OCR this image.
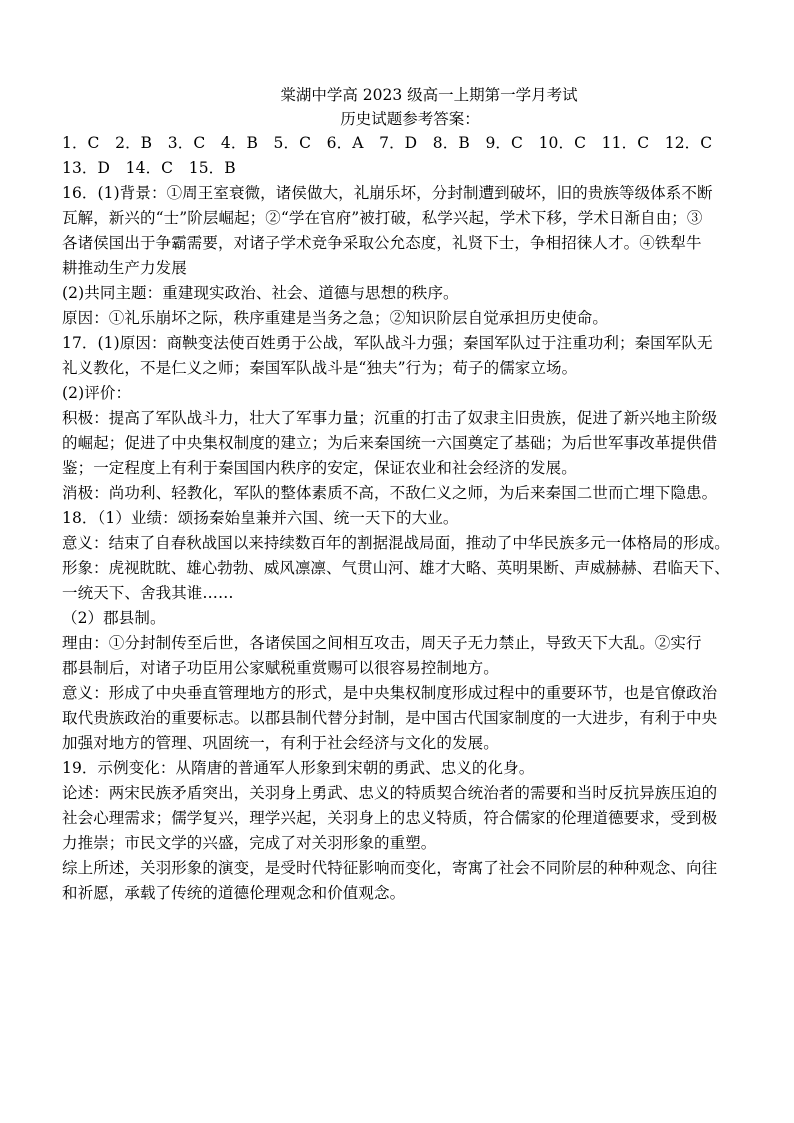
棠湖中学高 2023 级高一上期第一学月考试
历史试题参考答案：
1．C　2．B　3．C　4．B　5．C　6．A　7．D　8．B　9．C　10．C　11．C　12．C
13．D　14．C　15．B
16．(1)背景：①周王室衰微，诸侯做大，礼崩乐坏，分封制遭到破坏，旧的贵族等级体系不断
瓦解，新兴的“士”阶层崛起；②“学在官府”被打破，私学兴起，学术下移，学术日渐自由；③
各诸侯国出于争霸需要，对诸子学术竞争采取公允态度，礼贤下士，争相招徕人才。④铁犁牛
耕推动生产力发展
(2)共同主题：重建现实政治、社会、道德与思想的秩序。
原因：①礼乐崩坏之际，秩序重建是当务之急；②知识阶层自觉承担历史使命。
17．(1)原因：商鞅变法使百姓勇于公战，军队战斗力强；秦国军队过于注重功利；秦国军队无
礼义教化，不是仁义之师；秦国军队战斗是“独夫”行为；荀子的儒家立场。
(2)评价：
积极：提高了军队战斗力，壮大了军事力量；沉重的打击了奴隶主旧贵族，促进了新兴地主阶级
的崛起；促进了中央集权制度的建立；为后来秦国统一六国奠定了基础；为后世军事改革提供借
鉴；一定程度上有利于秦国国内秩序的安定，保证农业和社会经济的发展。
消极：尚功利、轻教化，军队的整体素质不高，不敌仁义之师，为后来秦国二世而亡埋下隐患。
18．（1）业绩：颂扬秦始皇兼并六国、统一天下的大业。
意义：结束了自春秋战国以来持续数百年的割据混战局面，推动了中华民族多元一体格局的形成。
形象：虎视眈眈、雄心勃勃、威风凛凛、气贯山河、雄才大略、英明果断、声威赫赫、君临天下、
一统天下、舍我其谁……
（2）郡县制。
理由：①分封制传至后世，各诸侯国之间相互攻击，周天子无力禁止，导致天下大乱。②实行
郡县制后，对诸子功臣用公家赋税重赏赐可以很容易控制地方。
意义：形成了中央垂直管理地方的形式，是中央集权制度形成过程中的重要环节，也是官僚政治
取代贵族政治的重要标志。以郡县制代替分封制，是中国古代国家制度的一大进步，有利于中央
加强对地方的管理、巩固统一，有利于社会经济与文化的发展。
19．示例变化：从隋唐的普通军人形象到宋朝的勇武、忠义的化身。
论述：两宋民族矛盾突出，关羽身上勇武、忠义的特质契合统治者的需要和当时反抗异族压迫的
社会心理需求；儒学复兴，理学兴起，关羽身上的忠义特质，符合儒家的伦理道德要求，受到极
力推崇；市民文学的兴盛，完成了对关羽形象的重塑。
综上所述，关羽形象的演变，是受时代特征影响而变化，寄寓了社会不同阶层的种种观念、向往
和祈愿，承载了传统的道德伦理观念和价值观念。
